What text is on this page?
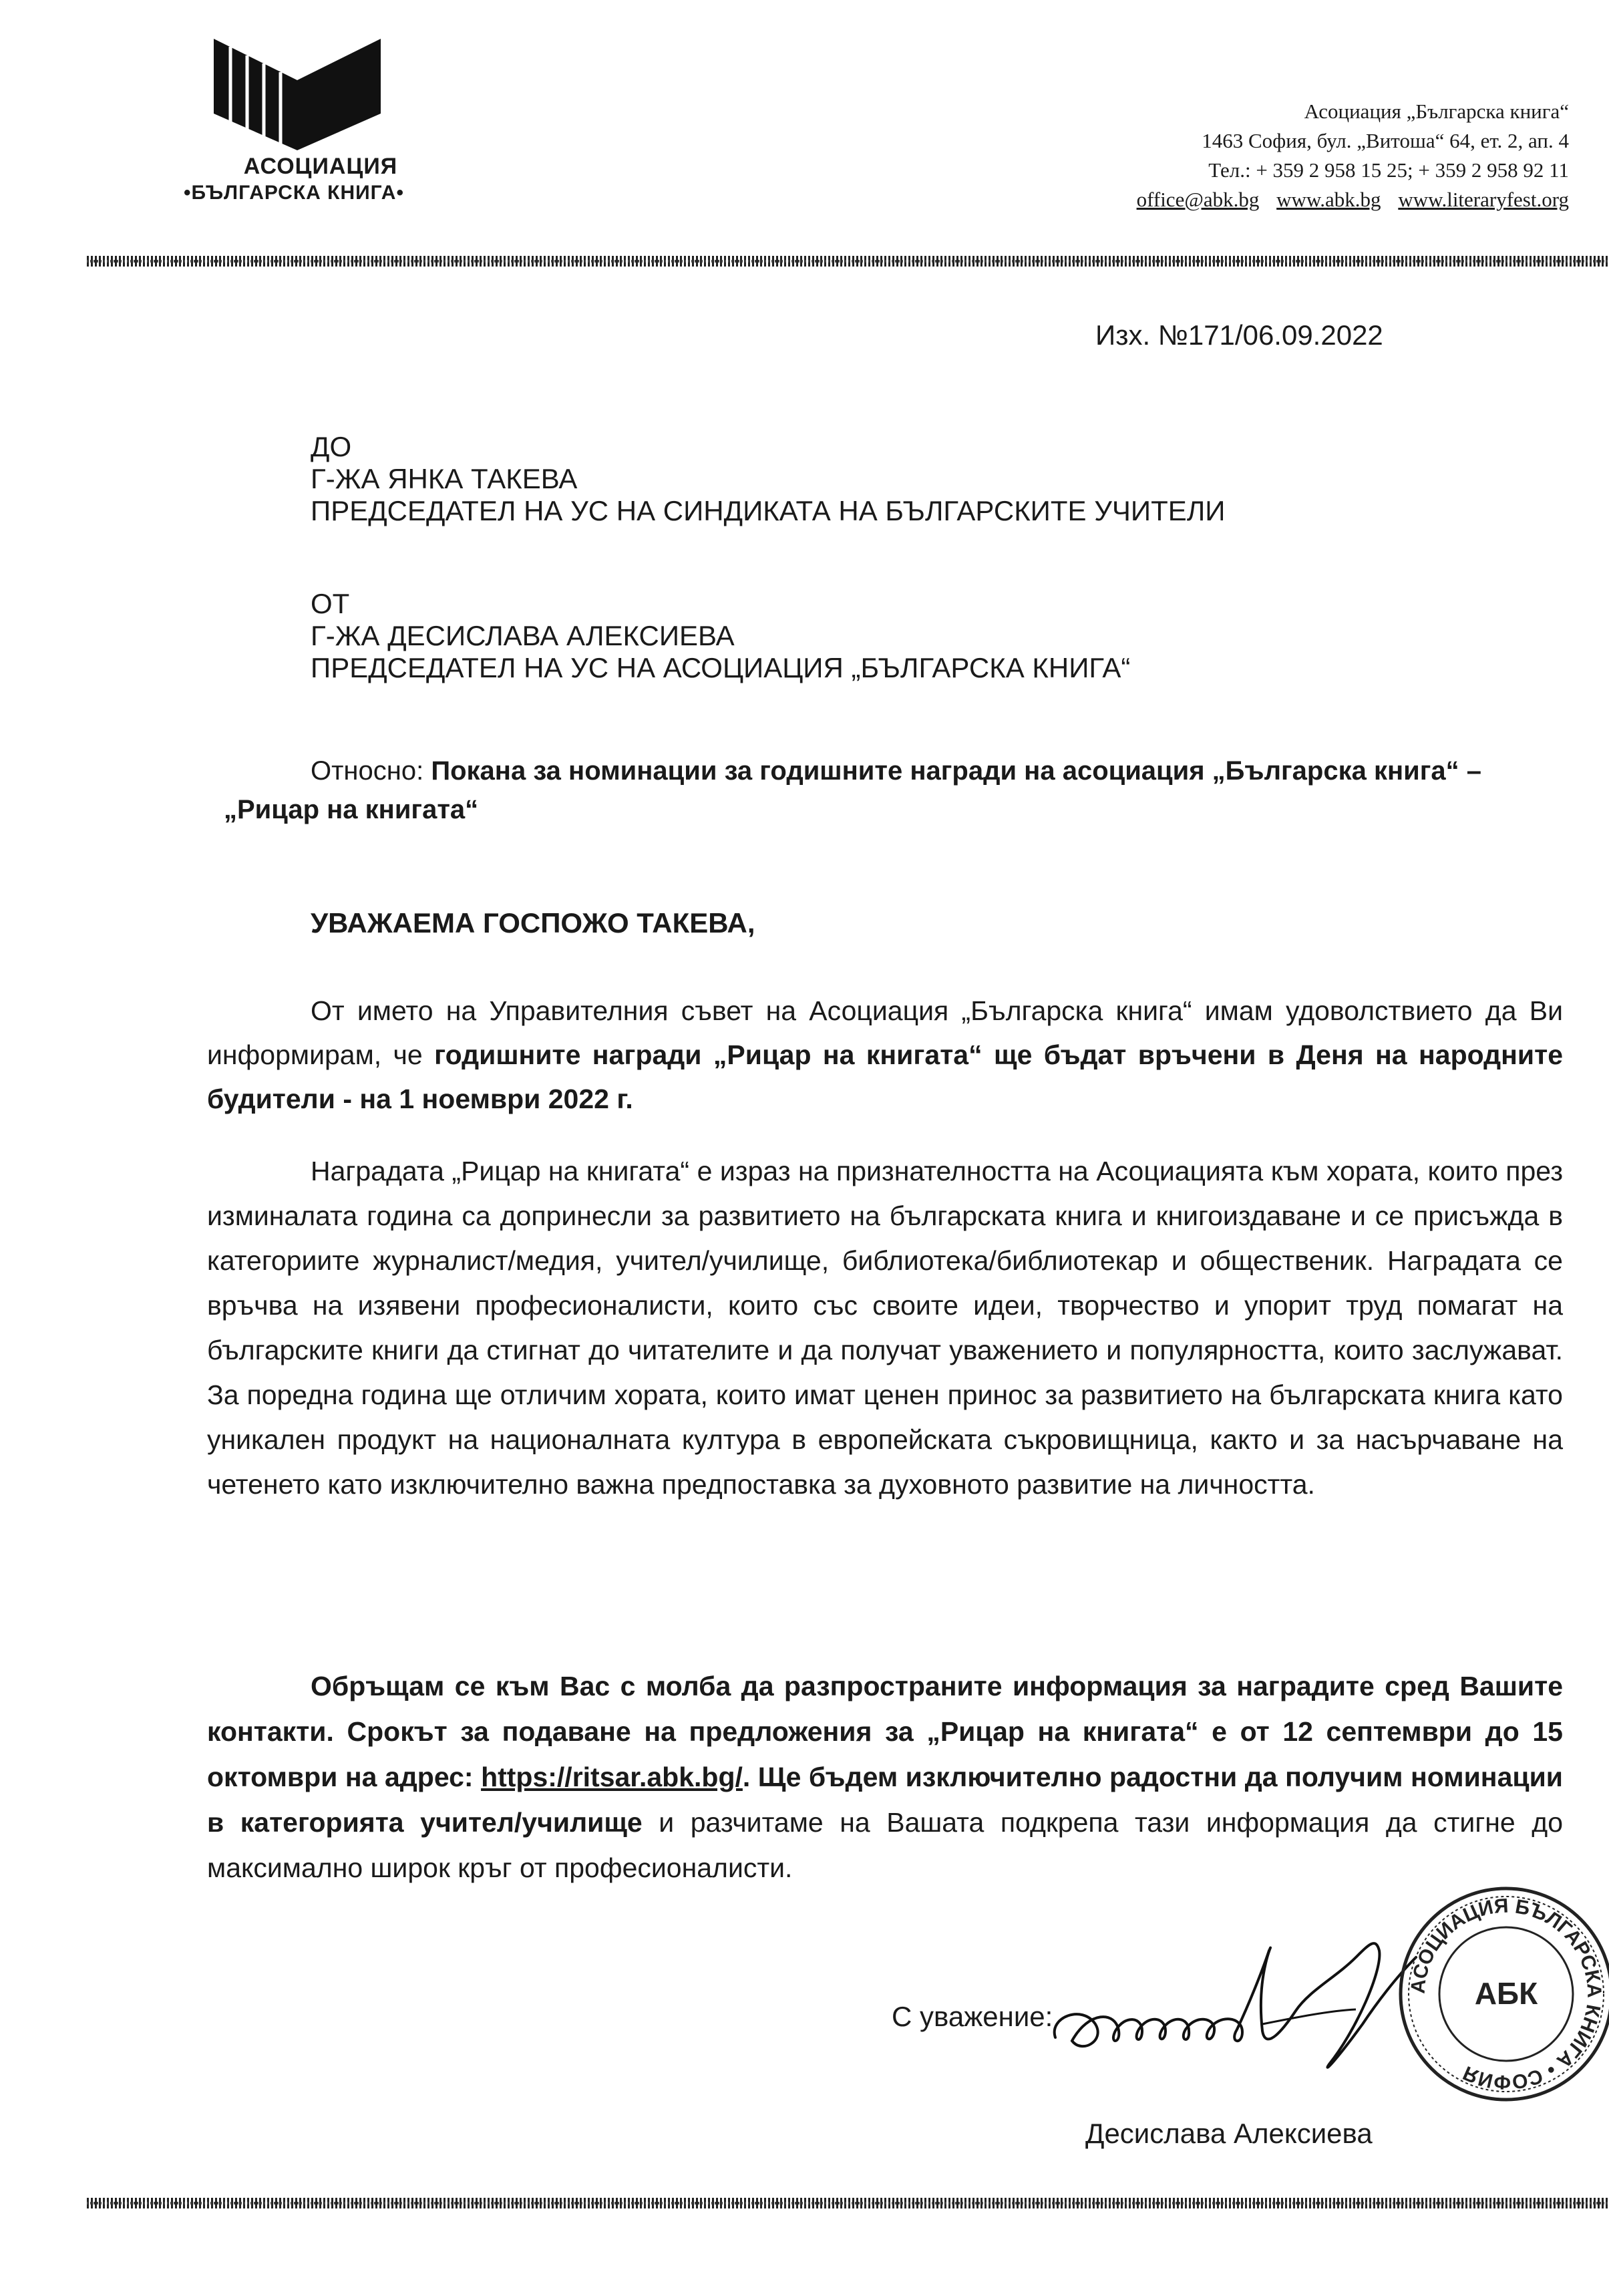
АСОЦИАЦИЯ
•БЪЛГАРСКА КНИГА•
Асоциация „Българска книга“
1463 София, бул. „Витоша“ 64, ет. 2, ап. 4
Тел.: + 359 2 958 15 25; + 359 2 958 92 11
office@abk.bg www.abk.bg www.literaryfest.org
Изх. №171/06.09.2022
ДО
Г-ЖА ЯНКА ТАКЕВА
ПРЕДСЕДАТЕЛ НА УС НА СИНДИКАТА НА БЪЛГАРСКИТЕ УЧИТЕЛИ
ОТ
Г-ЖА ДЕСИСЛАВА АЛЕКСИЕВА
ПРЕДСЕДАТЕЛ НА УС НА АСОЦИАЦИЯ „БЪЛГАРСКА КНИГА“
Относно: Покана за номинации за годишните награди на асоциация „Българска книга“ – „Рицар на книгата“
УВАЖАЕМА ГОСПОЖО ТАКЕВА,
От името на Управителния съвет на Асоциация „Българска книга“ имам удоволствието да Ви информирам, че годишните награди „Рицар на книгата“ ще бъдат връчени в Деня на народните будители - на 1 ноември 2022 г.
Наградата „Рицар на книгата“ е израз на признателността на Асоциацията към хората, които през изминалата година са допринесли за развитието на българската книга и книгоиздаване и се присъжда в категориите журналист/медия, учител/училище, библиотека/библиотекар и общественик. Наградата се връчва на изявени професионалисти, които със своите идеи, творчество и упорит труд помагат на българските книги да стигнат до читателите и да получат уважението и популярността, които заслужават. За поредна година ще отличим хората, които имат ценен принос за развитието на българската книга като уникален продукт на националната култура в европейската съкровищница, както и за насърчаване на четенето като изключително важна предпоставка за духовното развитие на личността.
Обръщам се към Вас с молба да разпространите информация за наградите сред Вашите контакти. Срокът за подаване на предложения за „Рицар на книгата“ е от 12 септември до 15 октомври на адрес: https://ritsar.abk.bg/. Ще бъдем изключително радостни да получим номинации в категорията учител/училище и разчитаме на Вашата подкрепа тази информация да стигне до максимално широк кръг от професионалисти.
С уважение:
АСОЦИАЦИЯ БЪЛГАРСКА КНИГА • СОФИЯ
АБК
Десислава Алексиева
